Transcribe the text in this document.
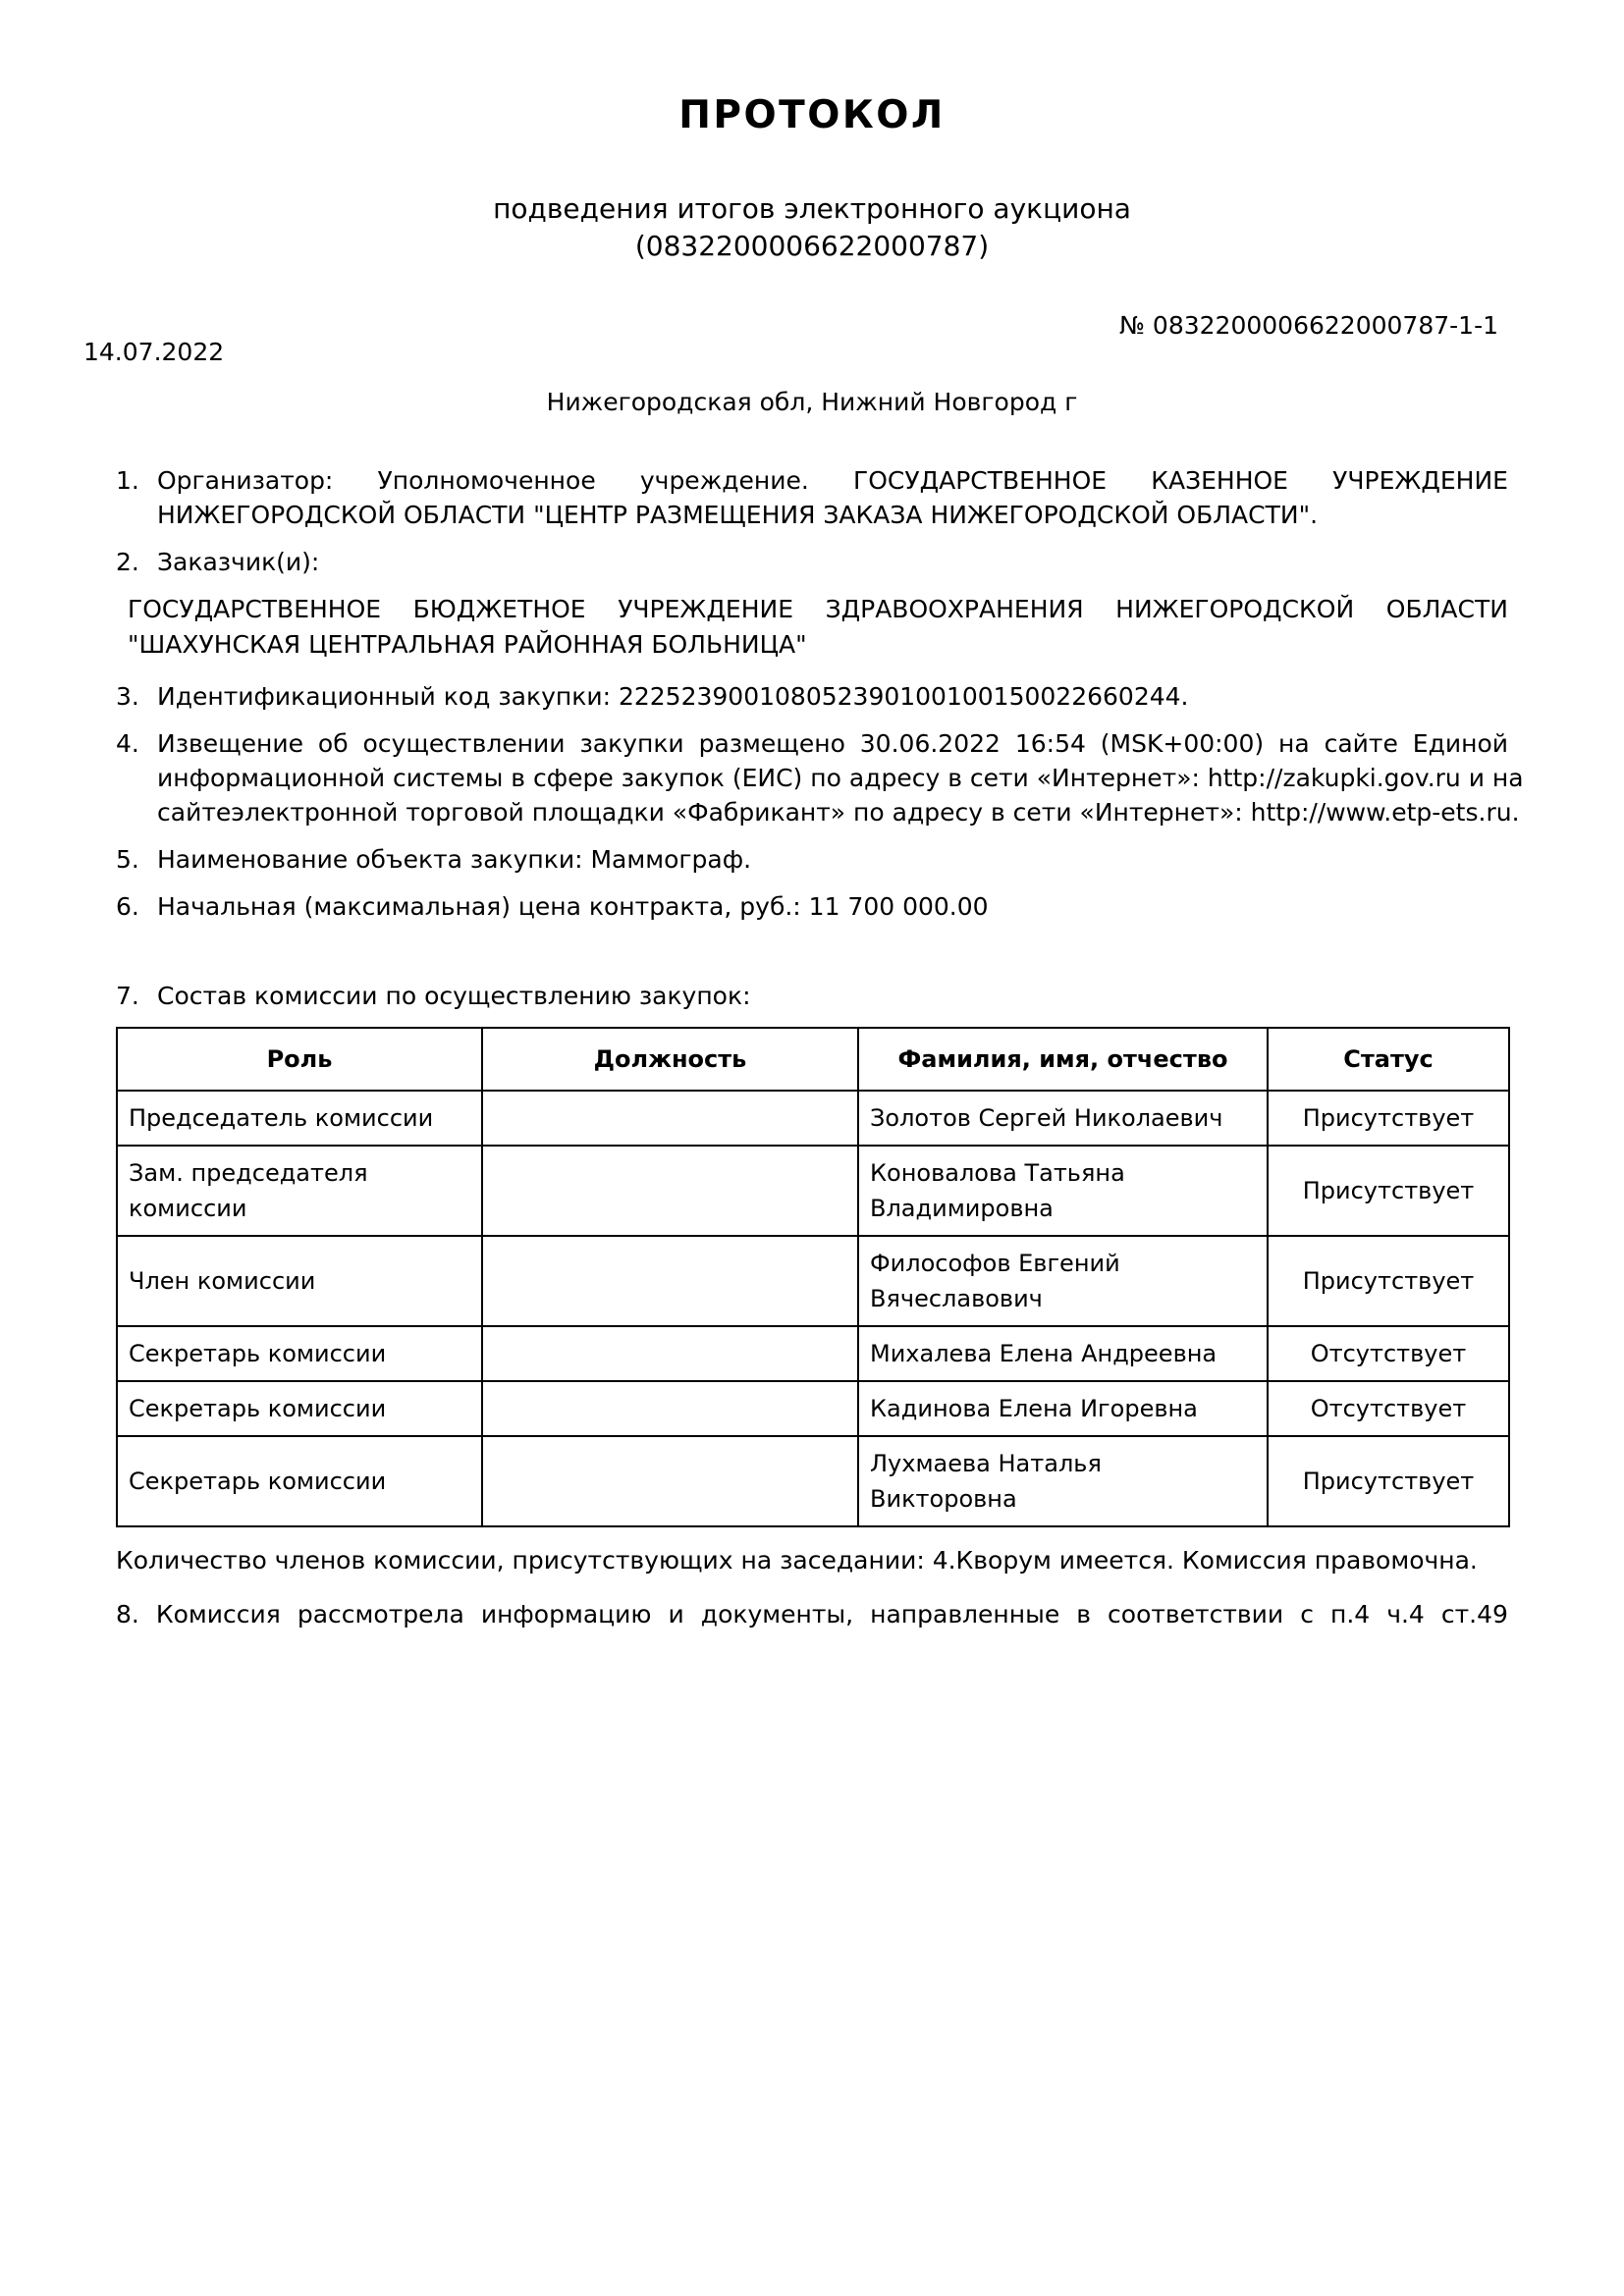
ПРОТОКОЛ
подведения итогов электронного аукциона
(0832200006622000787)
№ 0832200006622000787-1-1
14.07.2022
Нижегородская обл, Нижний Новгород г
1. Организатор: Уполномоченное учреждение. ГОСУДАРСТВЕННОЕ КАЗЕННОЕ УЧРЕЖДЕНИЕ
НИЖЕГОРОДСКОЙ ОБЛАСТИ "ЦЕНТР РАЗМЕЩЕНИЯ ЗАКАЗА НИЖЕГОРОДСКОЙ ОБЛАСТИ".
2. Заказчик(и):
ГОСУДАРСТВЕННОЕ БЮДЖЕТНОЕ УЧРЕЖДЕНИЕ ЗДРАВООХРАНЕНИЯ НИЖЕГОРОДСКОЙ ОБЛАСТИ
"ШАХУНСКАЯ ЦЕНТРАЛЬНАЯ РАЙОННАЯ БОЛЬНИЦА"
3. Идентификационный код закупки: 222523900108052390100100150022660244.
4. Извещение об осуществлении закупки размещено 30.06.2022 16:54 (MSK+00:00) на сайте Единой
информационной системы в сфере закупок (ЕИС) по адресу в сети «Интернет»: http://zakupki.gov.ru и на
сайтеэлектронной торговой площадки «Фабрикант» по адресу в сети «Интернет»: http://www.etp-ets.ru.
5. Наименование объекта закупки: Маммограф.
6. Начальная (максимальная) цена контракта, руб.: 11 700 000.00
7. Состав комиссии по осуществлению закупок:
Роль	Должность	Фамилия, имя, отчество	Статус
Председатель комиссии		Золотов Сергей Николаевич	Присутствует
Зам. председателя комиссии		Коновалова Татьяна Владимировна	Присутствует
Член комиссии		Философов Евгений Вячеславович	Присутствует
Секретарь комиссии		Михалева Елена Андреевна	Отсутствует
Секретарь комиссии		Кадинова Елена Игоревна	Отсутствует
Секретарь комиссии		Лухмаева Наталья Викторовна	Присутствует
Количество членов комиссии, присутствующих на заседании: 4.Кворум имеется. Комиссия правомочна.
8. Комиссия рассмотрела информацию и документы, направленные в соответствии с п.4 ч.4 ст.49
